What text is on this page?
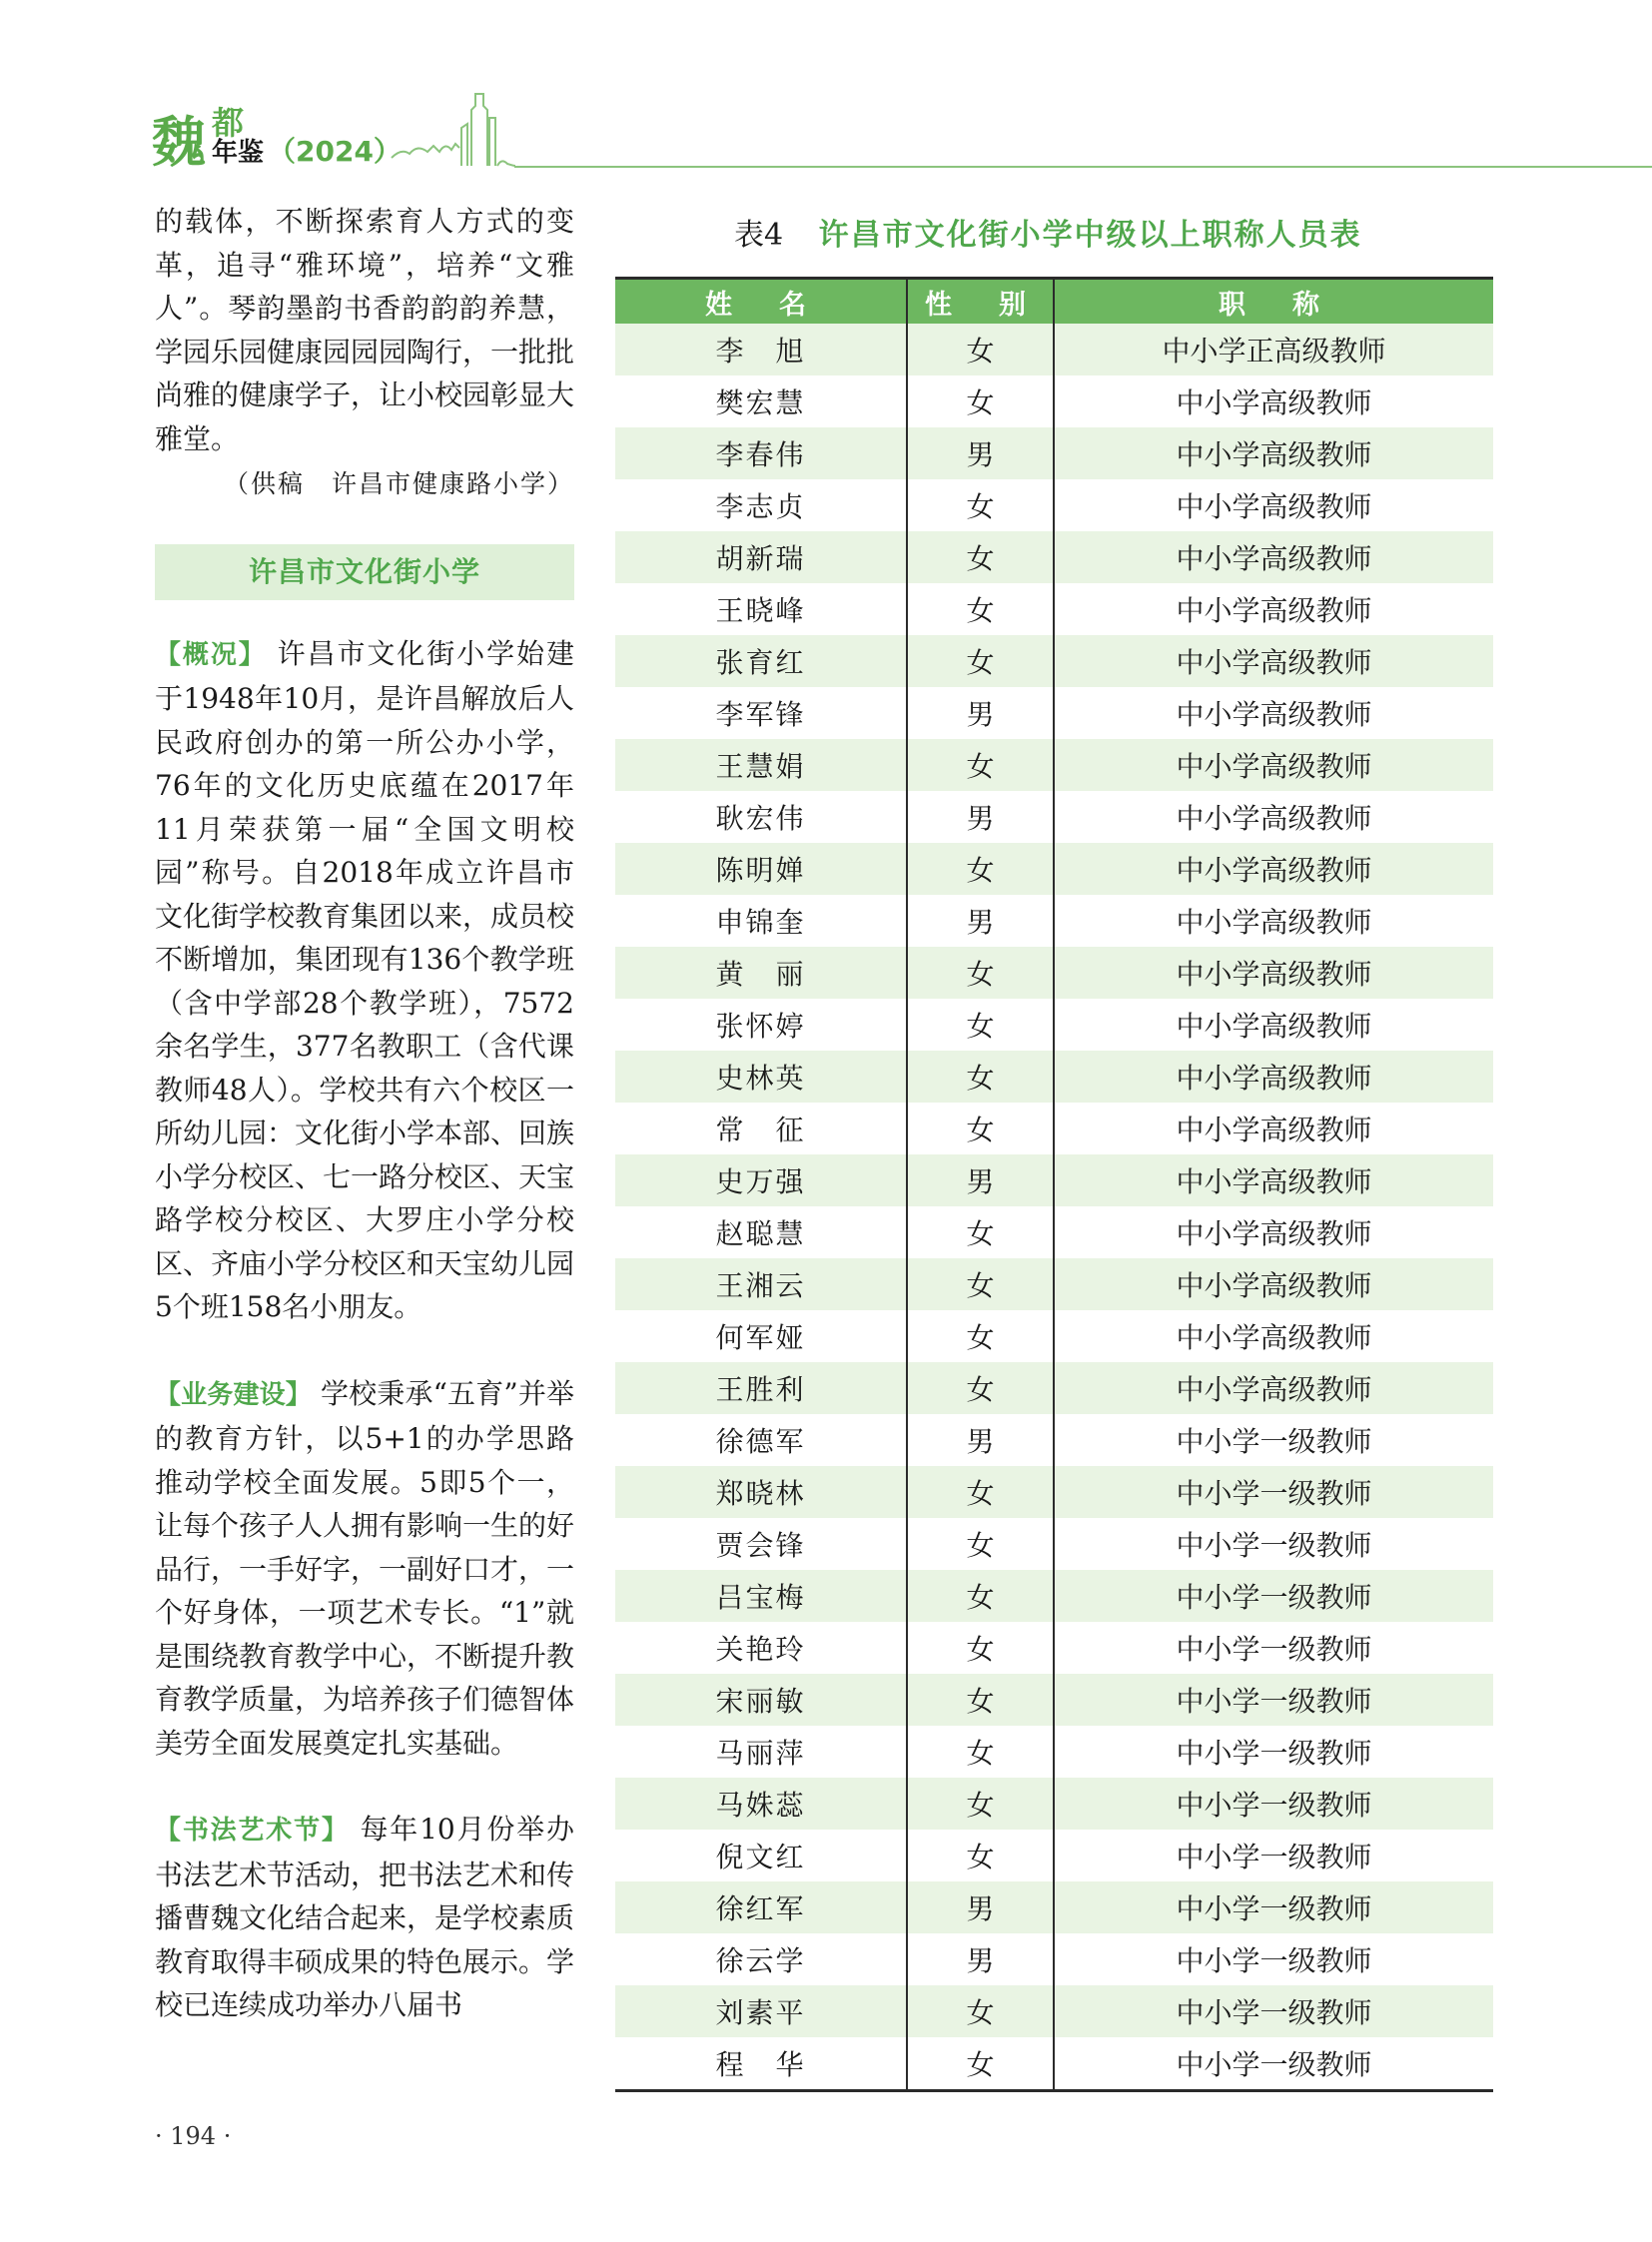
魏 都
年鉴 （2024）

的载体，不断探索育人方式的变革，追寻“雅环境”，培养“文雅人”。琴韵墨韵书香韵韵韵养慧，学园乐园健康园园园陶行，一批批尚雅的健康学子，让小校园彰显大雅堂。

（供稿　许昌市健康路小学）

许昌市文化街小学

【概况】 许昌市文化街小学始建于1948年10月，是许昌解放后人民政府创办的第一所公办小学，76年的文化历史底蕴在2017年11月荣获第一届“全国文明校园”称号。自2018年成立许昌市文化街学校教育集团以来，成员校不断增加，集团现有136个教学班（含中学部28个教学班），7572余名学生，377名教职工（含代课教师48人）。学校共有六个校区一所幼儿园：文化街小学本部、回族小学分校区、七一路分校区、天宝路学校分校区、大罗庄小学分校区、齐庙小学分校区和天宝幼儿园5个班158名小朋友。

【业务建设】 学校秉承“五育”并举的教育方针，以5+1的办学思路推动学校全面发展。5即5个一，让每个孩子人人拥有影响一生的好品行，一手好字，一副好口才，一个好身体，一项艺术专长。“1”就是围绕教育教学中心，不断提升教育教学质量，为培养孩子们德智体美劳全面发展奠定扎实基础。

【书法艺术节】 每年10月份举办书法艺术节活动，把书法艺术和传播曹魏文化结合起来，是学校素质教育取得丰硕成果的特色展示。学校已连续成功举办八届书

表4 许昌市文化街小学中级以上职称人员表
姓　名	性　别	职　称
李　旭	女	中小学正高级教师
樊宏慧	女	中小学高级教师
李春伟	男	中小学高级教师
李志贞	女	中小学高级教师
胡新瑞	女	中小学高级教师
王晓峰	女	中小学高级教师
张育红	女	中小学高级教师
李军锋	男	中小学高级教师
王慧娟	女	中小学高级教师
耿宏伟	男	中小学高级教师
陈明婵	女	中小学高级教师
申锦奎	男	中小学高级教师
黄　丽	女	中小学高级教师
张怀婷	女	中小学高级教师
史林英	女	中小学高级教师
常　征	女	中小学高级教师
史万强	男	中小学高级教师
赵聪慧	女	中小学高级教师
王湘云	女	中小学高级教师
何军娅	女	中小学高级教师
王胜利	女	中小学高级教师
徐德军	男	中小学一级教师
郑晓林	女	中小学一级教师
贾会锋	女	中小学一级教师
吕宝梅	女	中小学一级教师
关艳玲	女	中小学一级教师
宋丽敏	女	中小学一级教师
马丽萍	女	中小学一级教师
马姝蕊	女	中小学一级教师
倪文红	女	中小学一级教师
徐红军	男	中小学一级教师
徐云学	男	中小学一级教师
刘素平	女	中小学一级教师
程　华	女	中小学一级教师
· 194 ·
